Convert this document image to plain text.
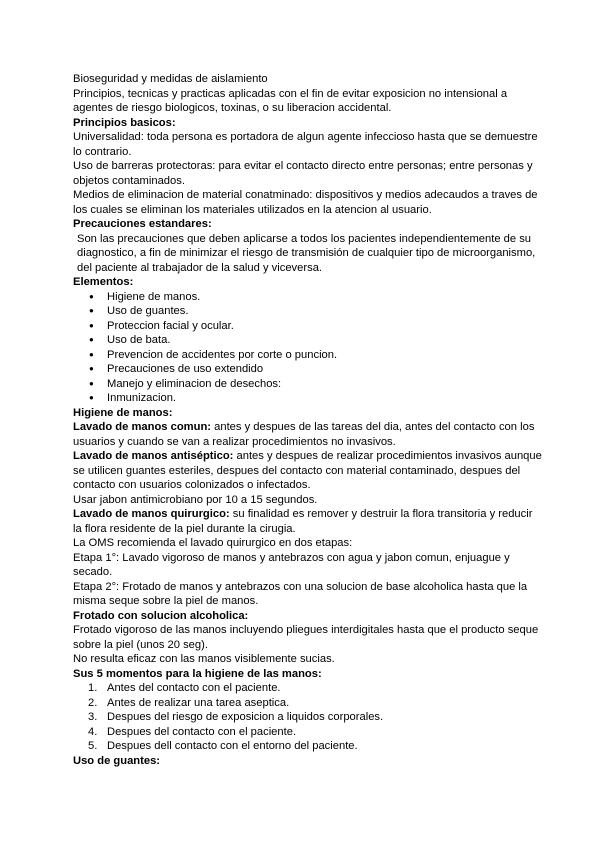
Bioseguridad y medidas de aislamiento

Principios, tecnicas y practicas aplicadas con el fin de evitar exposicion no intensional a agentes de riesgo biologicos, toxinas, o su liberacion accidental.

Principios basicos:

Universalidad: toda persona es portadora de algun agente infeccioso hasta que se demuestre lo contrario.

Uso de barreras protectoras: para evitar el contacto directo entre personas; entre personas y objetos contaminados.

Medios de eliminacion de material conatminado: dispositivos y medios adecaudos a traves de los cuales se eliminan los materiales utilizados en la atencion al usuario.

Precauciones estandares:

Son las precauciones que deben aplicarse a todos los pacientes independientemente de su diagnostico, a fin de minimizar el riesgo de transmisión de cualquier tipo de microorganismo, del paciente al trabajador de la salud y viceversa.

Elementos:

● Higiene de manos.
● Uso de guantes.
● Proteccion facial y ocular.
● Uso de bata.
● Prevencion de accidentes por corte o puncion.
● Precauciones de uso extendido
● Manejo y eliminacion de desechos:
● Inmunizacion.

Higiene de manos:

Lavado de manos comun: antes y despues de las tareas del dia, antes del contacto con los usuarios y cuando se van a realizar procedimientos no invasivos.

Lavado de manos antiséptico: antes y despues de realizar procedimientos invasivos aunque se utilicen guantes esteriles, despues del contacto con material contaminado, despues del contacto con usuarios colonizados o infectados.

Usar jabon antimicrobiano por 10 a 15 segundos.

Lavado de manos quirurgico: su finalidad es remover y destruir la flora transitoria y reducir la flora residente de la piel durante la cirugia.

La OMS recomienda el lavado quirurgico en dos etapas:

Etapa 1°: Lavado vigoroso de manos y antebrazos con agua y jabon comun, enjuague y secado.

Etapa 2°: Frotado de manos y antebrazos con una solucion de base alcoholica hasta que la misma seque sobre la piel de manos.

Frotado con solucion alcoholica:

Frotado vigoroso de las manos incluyendo pliegues interdigitales hasta que el producto seque sobre la piel (unos 20 seg).

No resulta eficaz con las manos visiblemente sucias.

Sus 5 momentos para la higiene de las manos:

1. Antes del contacto con el paciente.
2. Antes de realizar una tarea aseptica.
3. Despues del riesgo de exposicion a liquidos corporales.
4. Despues del contacto con el paciente.
5. Despues dell contacto con el entorno del paciente.

Uso de guantes:
